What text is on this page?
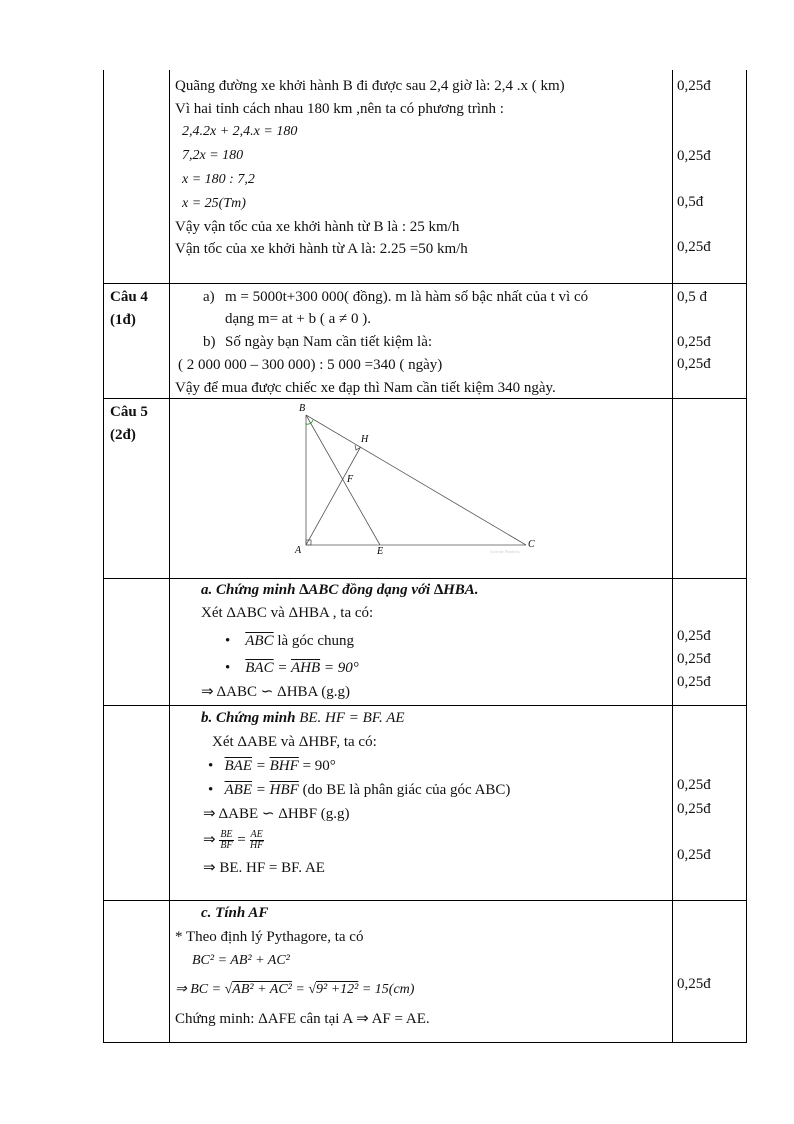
Quãng đường xe khởi hành B đi được sau 2,4 giờ là: 2,4 .x ( km)
Vì hai tỉnh cách nhau 180 km ,nên ta có phương trình :
2,4.2x + 2,4.x = 180
7,2x = 180
x = 180 : 7,2
x = 25(Tm)
Vậy vận tốc của xe khởi hành từ B là : 25 km/h
Vận tốc của xe khởi hành từ A là: 2.25 =50 km/h
0,25đ
0,25đ
0,5đ
0,25đ
Câu 4
(1đ)
a) m = 5000t+300 000( đồng). m là hàm số bậc nhất của t vì có
dạng m= at + b ( a ≠ 0 ).
b) Số ngày bạn Nam cần tiết kiệm là:
( 2 000 000 – 300 000) : 5 000 =340 ( ngày)
Vậy để mua được chiếc xe đạp thì Nam cần tiết kiệm 340 ngày.
0,5 đ
0,25đ
0,25đ
Câu 5
(2đ)
B
H
F
A	E
C
Activate Windows
a. Chứng minh ∆ABC đồng dạng với ∆HBA.
Xét ΔABC và ΔHBA , ta có:
•    $\overline{ABC}$ là góc chung
•    $\overline{BAC} = \overline{AHB} = 90^\circ$
⇒ ΔABC ∽ ΔHBA (g.g)
0,25đ
0,25đ
0,25đ
b. Chứng minh BE. HF = BF. AE
Xét ΔABE và ΔHBF, ta có:
•   $\overline{BAE} = \overline{BHF} = 90^\circ$
•   $\overline{ABE} = \overline{HBF}$ (do BE là phân giác của góc ABC)
⇒ ΔABE ∽ ΔHBF (g.g)
⇒ $\frac{BE}{BF} = \frac{AE}{HF}$
⇒ BE. HF = BF. AE
0,25đ
0,25đ
0,25đ
c. Tính AF
* Theo định lý Pythagore, ta có
BC² = AB² + AC²
⇒ BC = √AB² + AC² = √9² +12² = 15(cm)
Chứng minh: ΔAFE cân tại A ⇒ AF = AE.
0,25đ
